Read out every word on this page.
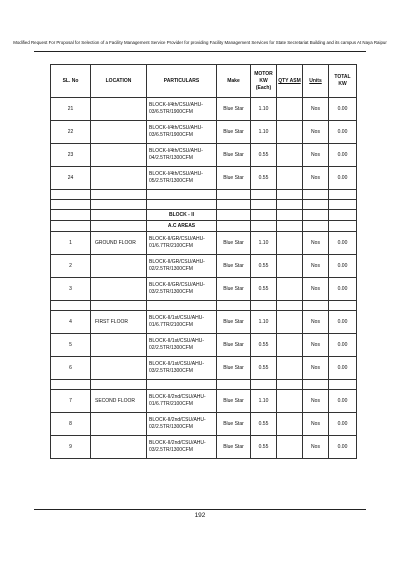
Modified Request For Proposal for Selection of a Facility Management Service Provider for providing Facility Management Services for State Secretariat Building and its campus At Naya Raipur
SL. No	LOCATION	PARTICULARS	Make	MOTOR KW (Each)	QTY ASM	Units	TOTAL KW
21		BLOCK-I/4th/CSU/AHU-03/6.5TR/1900CFM	Blue Star	1.10		Nos	0.00
22		BLOCK-I/4th/CSU/AHU-03/6.5TR/1900CFM	Blue Star	1.10		Nos	0.00
23		BLOCK-I/4th/CSU/AHU-04/2.5TR/1300CFM	Blue Star	0.55		Nos	0.00
24		BLOCK-I/4th/CSU/AHU-05/2.5TR/1300CFM	Blue Star	0.55		Nos	0.00

		BLOCK - II					
		A.C AREAS					
1	GROUND FLOOR	BLOCK-II/GR/CSU/AHU-01/6.7TR/2100CFM	Blue Star	1.10		Nos	0.00
2		BLOCK-II/GR/CSU/AHU-02/2.5TR/1300CFM	Blue Star	0.55		Nos	0.00
3		BLOCK-II/GR/CSU/AHU-03/2.5TR/1300CFM	Blue Star	0.55		Nos	0.00

4	FIRST FLOOR	BLOCK-II/1st/CSU/AHU-01/6.7TR/2100CFM	Blue Star	1.10		Nos	0.00
5		BLOCK-II/1st/CSU/AHU-02/2.5TR/1300CFM	Blue Star	0.55		Nos	0.00
6		BLOCK-II/1st/CSU/AHU-03/2.5TR/1300CFM	Blue Star	0.55		Nos	0.00

7	SECOND FLOOR	BLOCK-II/2nd/CSU/AHU-01/6.7TR/2100CFM	Blue Star	1.10		Nos	0.00
8		BLOCK-II/2nd/CSU/AHU-02/2.5TR/1300CFM	Blue Star	0.55		Nos	0.00
9		BLOCK-II/2nd/CSU/AHU-03/2.5TR/1300CFM	Blue Star	0.55		Nos	0.00
192
